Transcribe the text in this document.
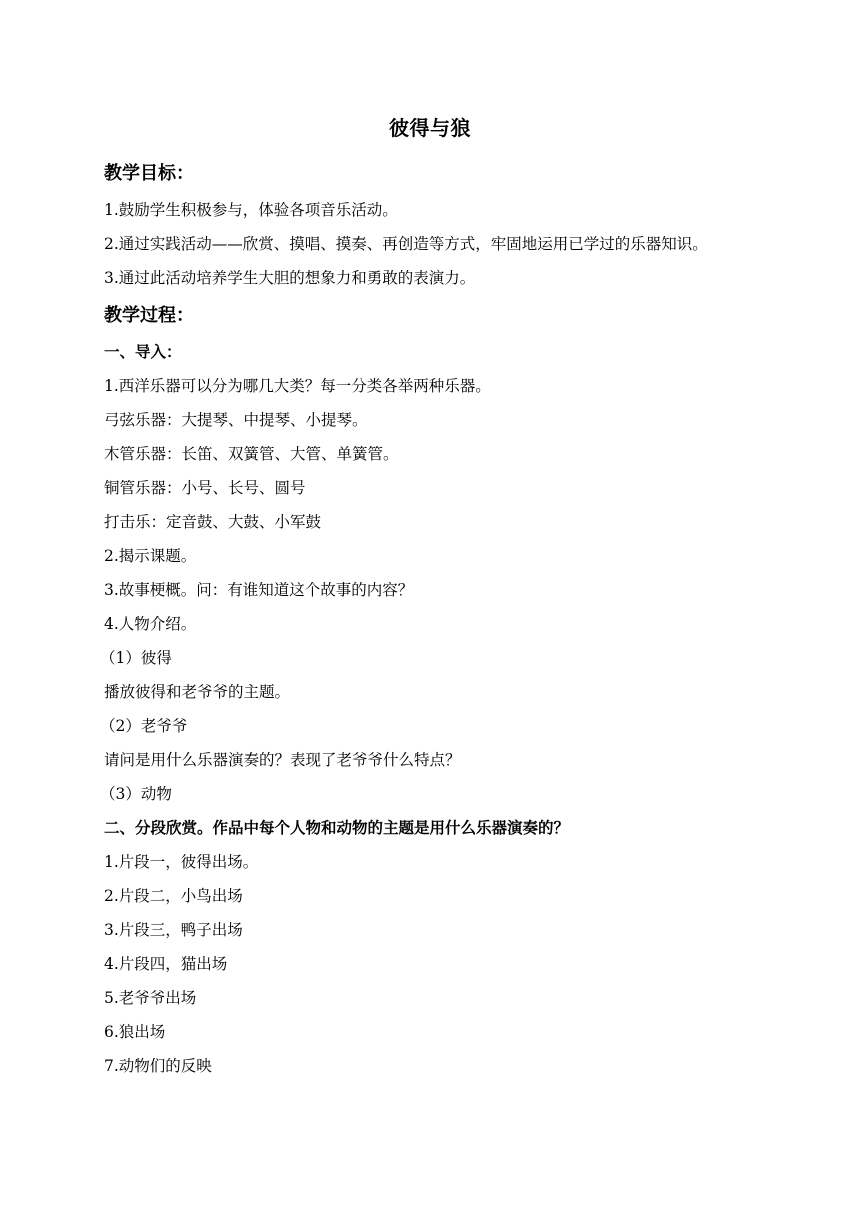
彼得与狼
教学目标：
1.鼓励学生积极参与，体验各项音乐活动。
2.通过实践活动——欣赏、摸唱、摸奏、再创造等方式，牢固地运用已学过的乐器知识。
3.通过此活动培养学生大胆的想象力和勇敢的表演力。
教学过程：
一、导入：
1.西洋乐器可以分为哪几大类？每一分类各举两种乐器。
弓弦乐器：大提琴、中提琴、小提琴。
木管乐器：长笛、双簧管、大管、单簧管。
铜管乐器：小号、长号、圆号
打击乐：定音鼓、大鼓、小军鼓
2.揭示课题。
3.故事梗概。问：有谁知道这个故事的内容？
4.人物介绍。
（1）彼得
播放彼得和老爷爷的主题。
（2）老爷爷
请问是用什么乐器演奏的？表现了老爷爷什么特点？
（3）动物
二、分段欣赏。作品中每个人物和动物的主题是用什么乐器演奏的？
1.片段一，彼得出场。
2.片段二，小鸟出场
3.片段三，鸭子出场
4.片段四，猫出场
5.老爷爷出场
6.狼出场
7.动物们的反映
